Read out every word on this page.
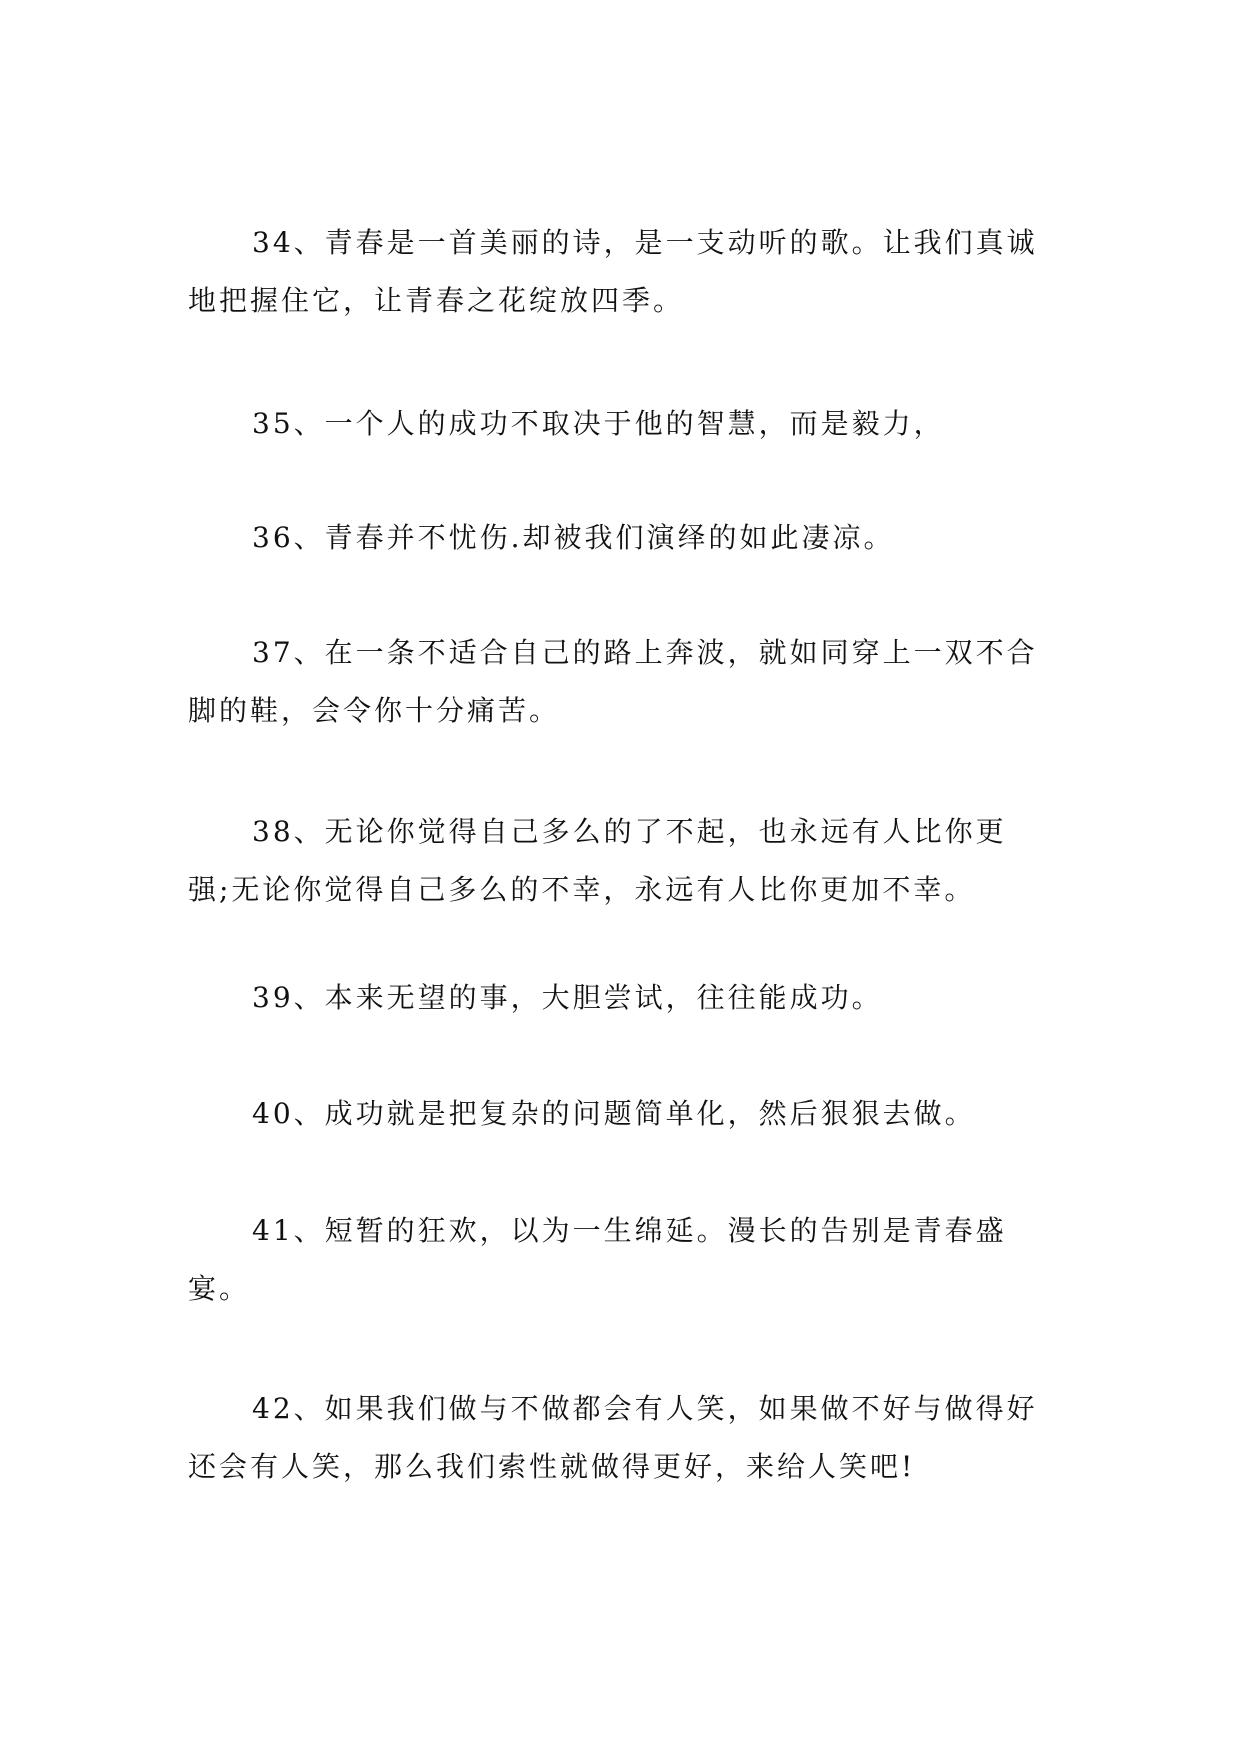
34、青春是一首美丽的诗，是一支动听的歌。让我们真诚地把握住它，让青春之花绽放四季。

35、一个人的成功不取决于他的智慧，而是毅力，

36、青春并不忧伤.却被我们演绎的如此凄凉。

37、在一条不适合自己的路上奔波，就如同穿上一双不合脚的鞋，会令你十分痛苦。

38、无论你觉得自己多么的了不起，也永远有人比你更强;无论你觉得自己多么的不幸，永远有人比你更加不幸。

39、本来无望的事，大胆尝试，往往能成功。

40、成功就是把复杂的问题简单化，然后狠狠去做。

41、短暂的狂欢，以为一生绵延。漫长的告别是青春盛宴。

42、如果我们做与不做都会有人笑，如果做不好与做得好还会有人笑，那么我们索性就做得更好，来给人笑吧!
